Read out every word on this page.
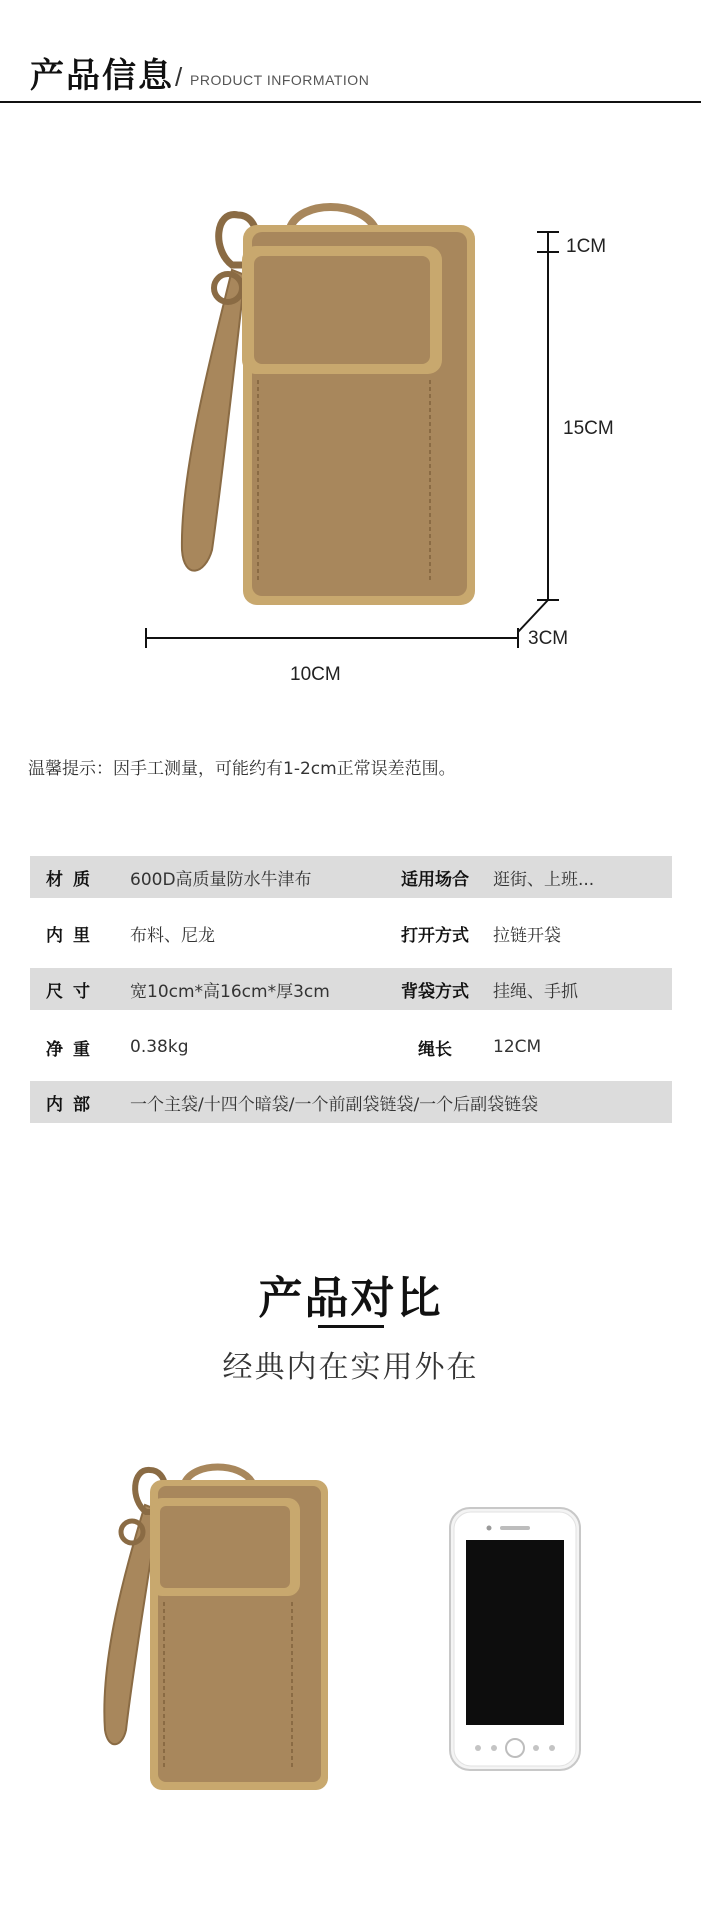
产品信息 / PRODUCT INFORMATION
1CM
15CM
3CM
10CM
温馨提示：因手工测量，可能约有1-2cm正常误差范围。
材质	600D高质量防水牛津布	适用场合	逛街、上班...
内里	布料、尼龙	打开方式	拉链开袋
尺寸	宽10cm*高16cm*厚3cm	背袋方式	挂绳、手抓
净重	0.38kg	绳长	12CM
内部	一个主袋/十四个暗袋/一个前副袋链袋/一个后副袋链袋
产品对比
经典内在实用外在
